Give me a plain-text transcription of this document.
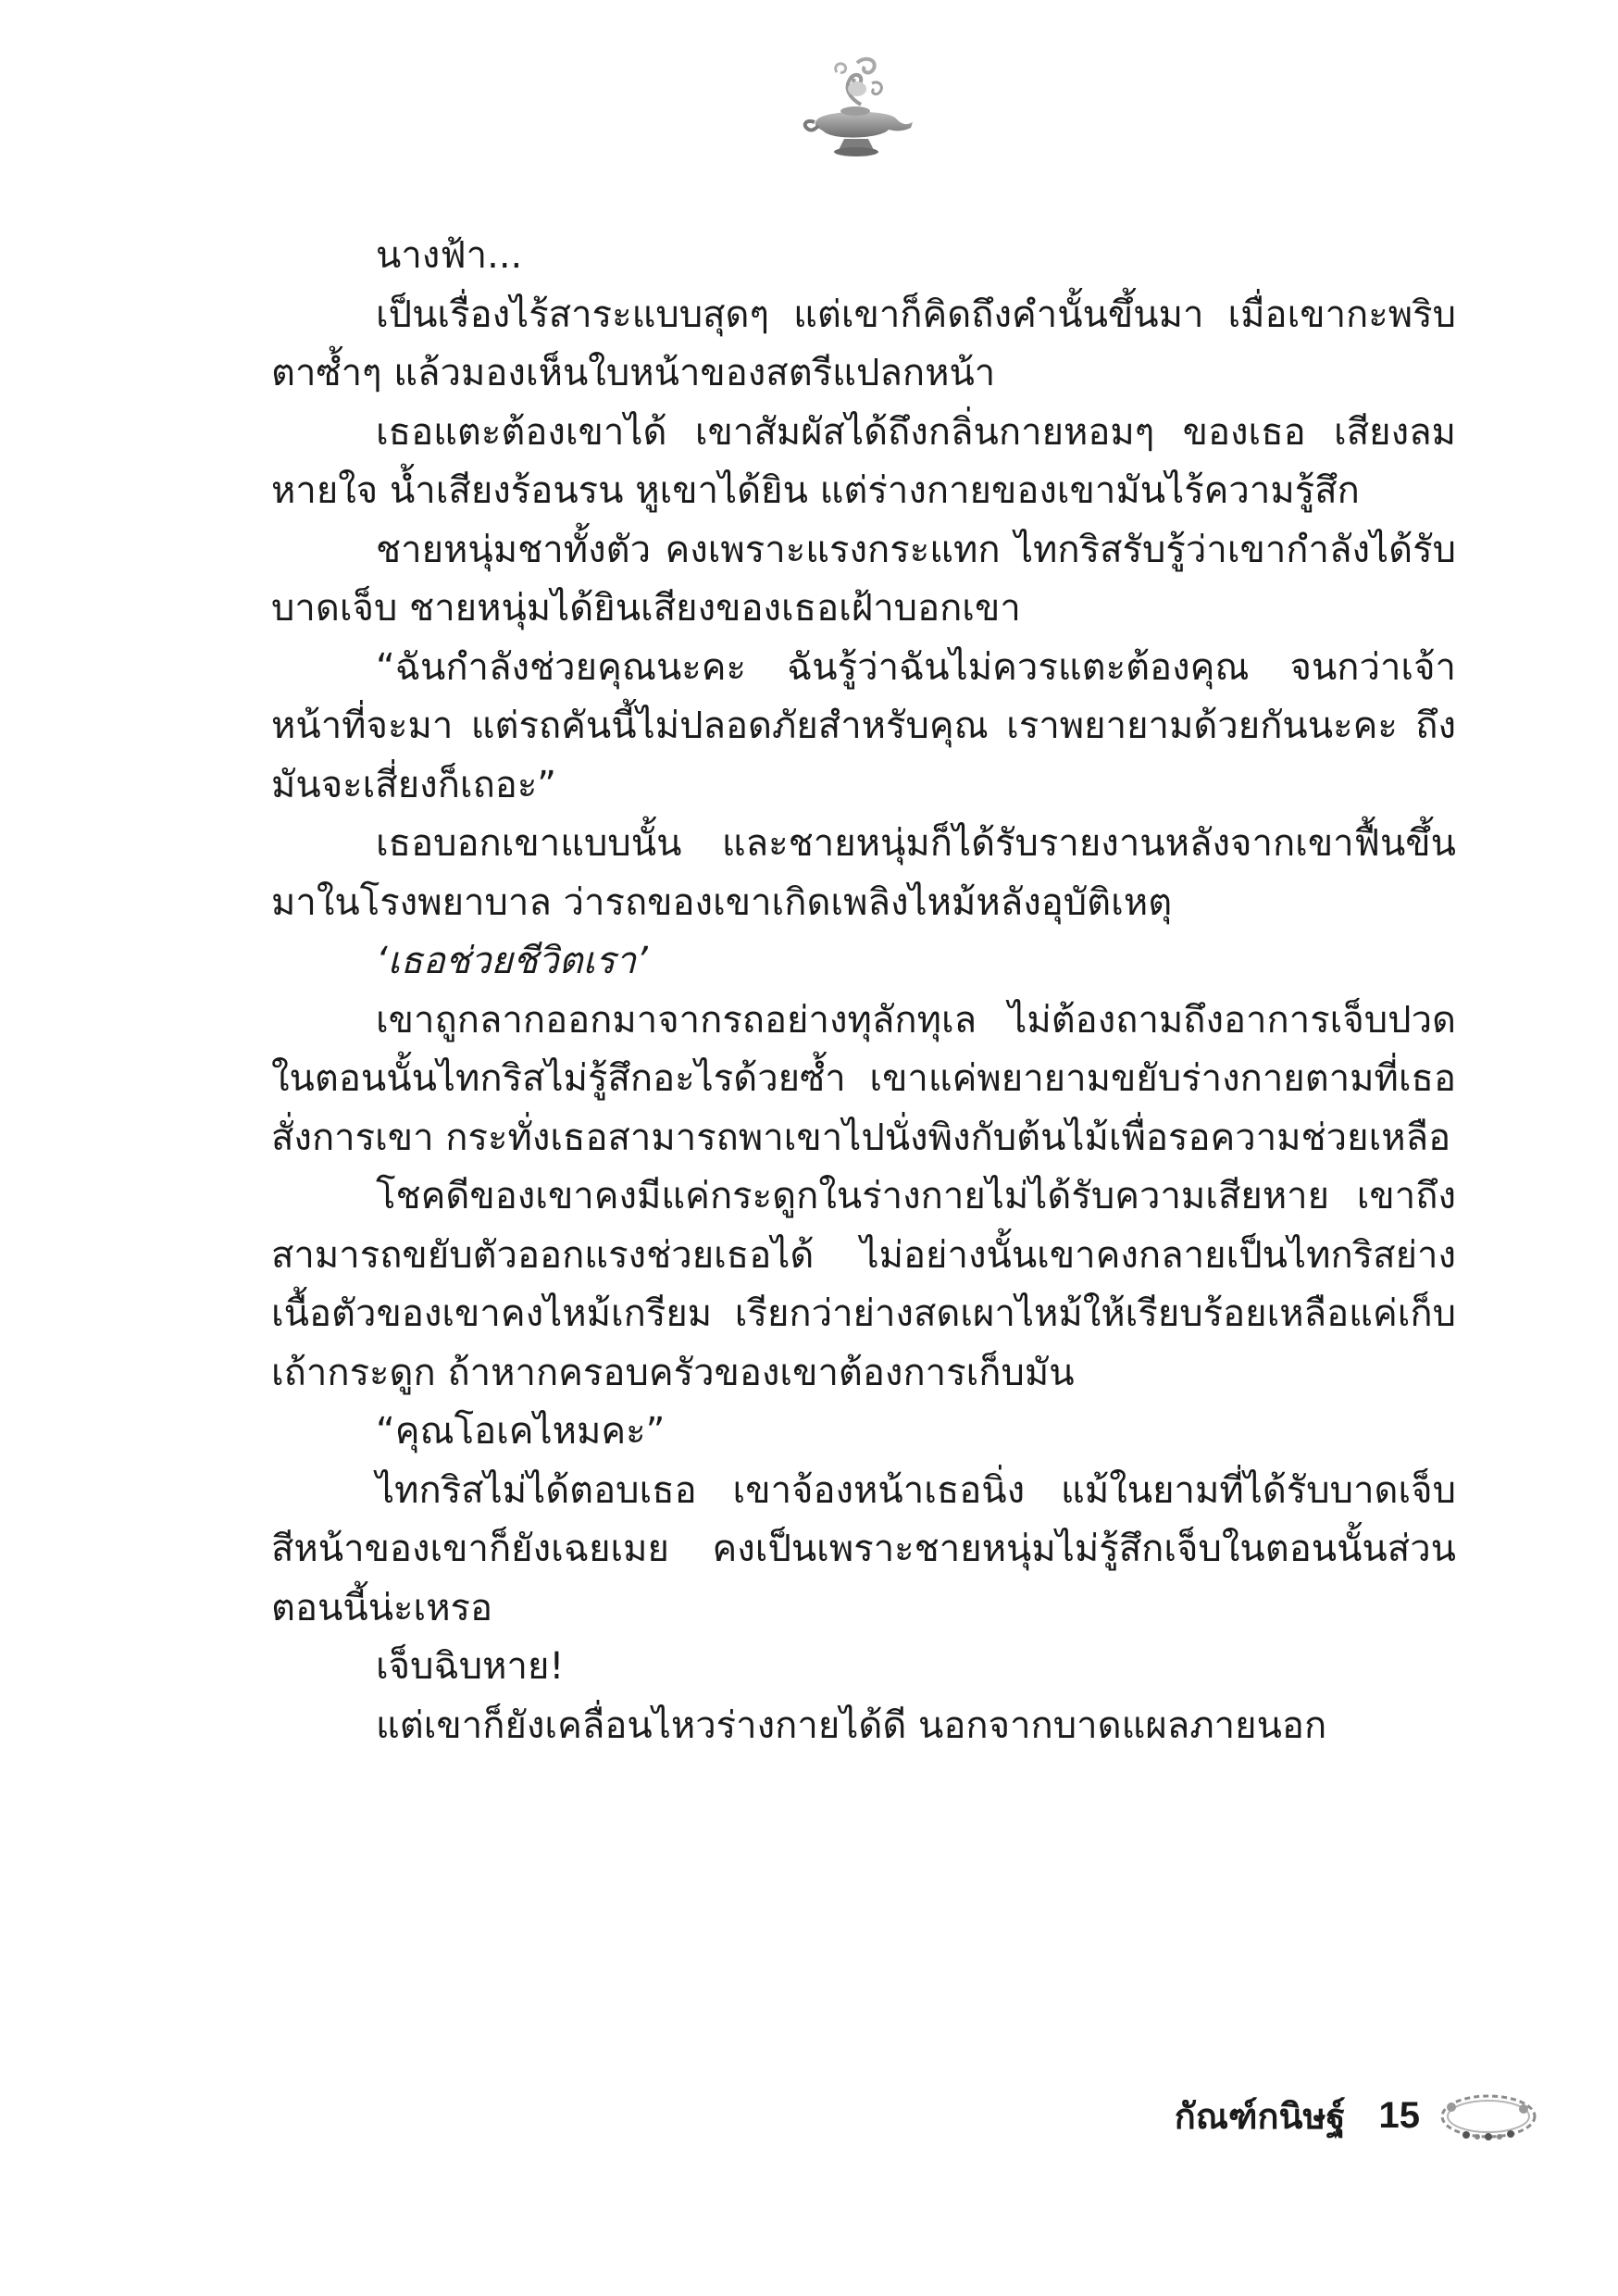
นางฟ้า...

เป็นเรื่องไร้สาระแบบสุดๆ แต่เขาก็คิดถึงคำนั้นขึ้นมา เมื่อเขากะพริบตาซ้ำๆ แล้วมองเห็นใบหน้าของสตรีแปลกหน้า

เธอแตะต้องเขาได้ เขาสัมผัสได้ถึงกลิ่นกายหอมๆ ของเธอ เสียงลมหายใจ น้ำเสียงร้อนรน หูเขาได้ยิน แต่ร่างกายของเขามันไร้ความรู้สึก

ชายหนุ่มชาทั้งตัว คงเพราะแรงกระแทก ไทกริสรับรู้ว่าเขากำลังได้รับบาดเจ็บ ชายหนุ่มได้ยินเสียงของเธอเฝ้าบอกเขา

“ฉันกำลังช่วยคุณนะคะ ฉันรู้ว่าฉันไม่ควรแตะต้องคุณ จนกว่าเจ้าหน้าที่จะมา แต่รถคันนี้ไม่ปลอดภัยสำหรับคุณ เราพยายามด้วยกันนะคะ ถึงมันจะเสี่ยงก็เถอะ”

เธอบอกเขาแบบนั้น และชายหนุ่มก็ได้รับรายงานหลังจากเขาฟื้นขึ้นมาในโรงพยาบาล ว่ารถของเขาเกิดเพลิงไหม้หลังอุบัติเหตุ

‘เธอช่วยชีวิตเรา’

เขาถูกลากออกมาจากรถอย่างทุลักทุเล ไม่ต้องถามถึงอาการเจ็บปวดในตอนนั้นไทกริสไม่รู้สึกอะไรด้วยซ้ำ เขาแค่พยายามขยับร่างกายตามที่เธอสั่งการเขา กระทั่งเธอสามารถพาเขาไปนั่งพิงกับต้นไม้เพื่อรอความช่วยเหลือ

โชคดีของเขาคงมีแค่กระดูกในร่างกายไม่ได้รับความเสียหาย เขาถึงสามารถขยับตัวออกแรงช่วยเธอได้ ไม่อย่างนั้นเขาคงกลายเป็นไทกริสย่าง เนื้อตัวของเขาคงไหม้เกรียม เรียกว่าย่างสดเผาไหม้ให้เรียบร้อยเหลือแค่เก็บเถ้ากระดูก ถ้าหากครอบครัวของเขาต้องการเก็บมัน

“คุณโอเคไหมคะ”

ไทกริสไม่ได้ตอบเธอ เขาจ้องหน้าเธอนิ่ง แม้ในยามที่ได้รับบาดเจ็บสีหน้าของเขาก็ยังเฉยเมย คงเป็นเพราะชายหนุ่มไม่รู้สึกเจ็บในตอนนั้นส่วนตอนนี้น่ะเหรอ

เจ็บฉิบหาย!

แต่เขาก็ยังเคลื่อนไหวร่างกายได้ดี นอกจากบาดแผลภายนอก

กัณฑ์กนิษฐ์ 15
